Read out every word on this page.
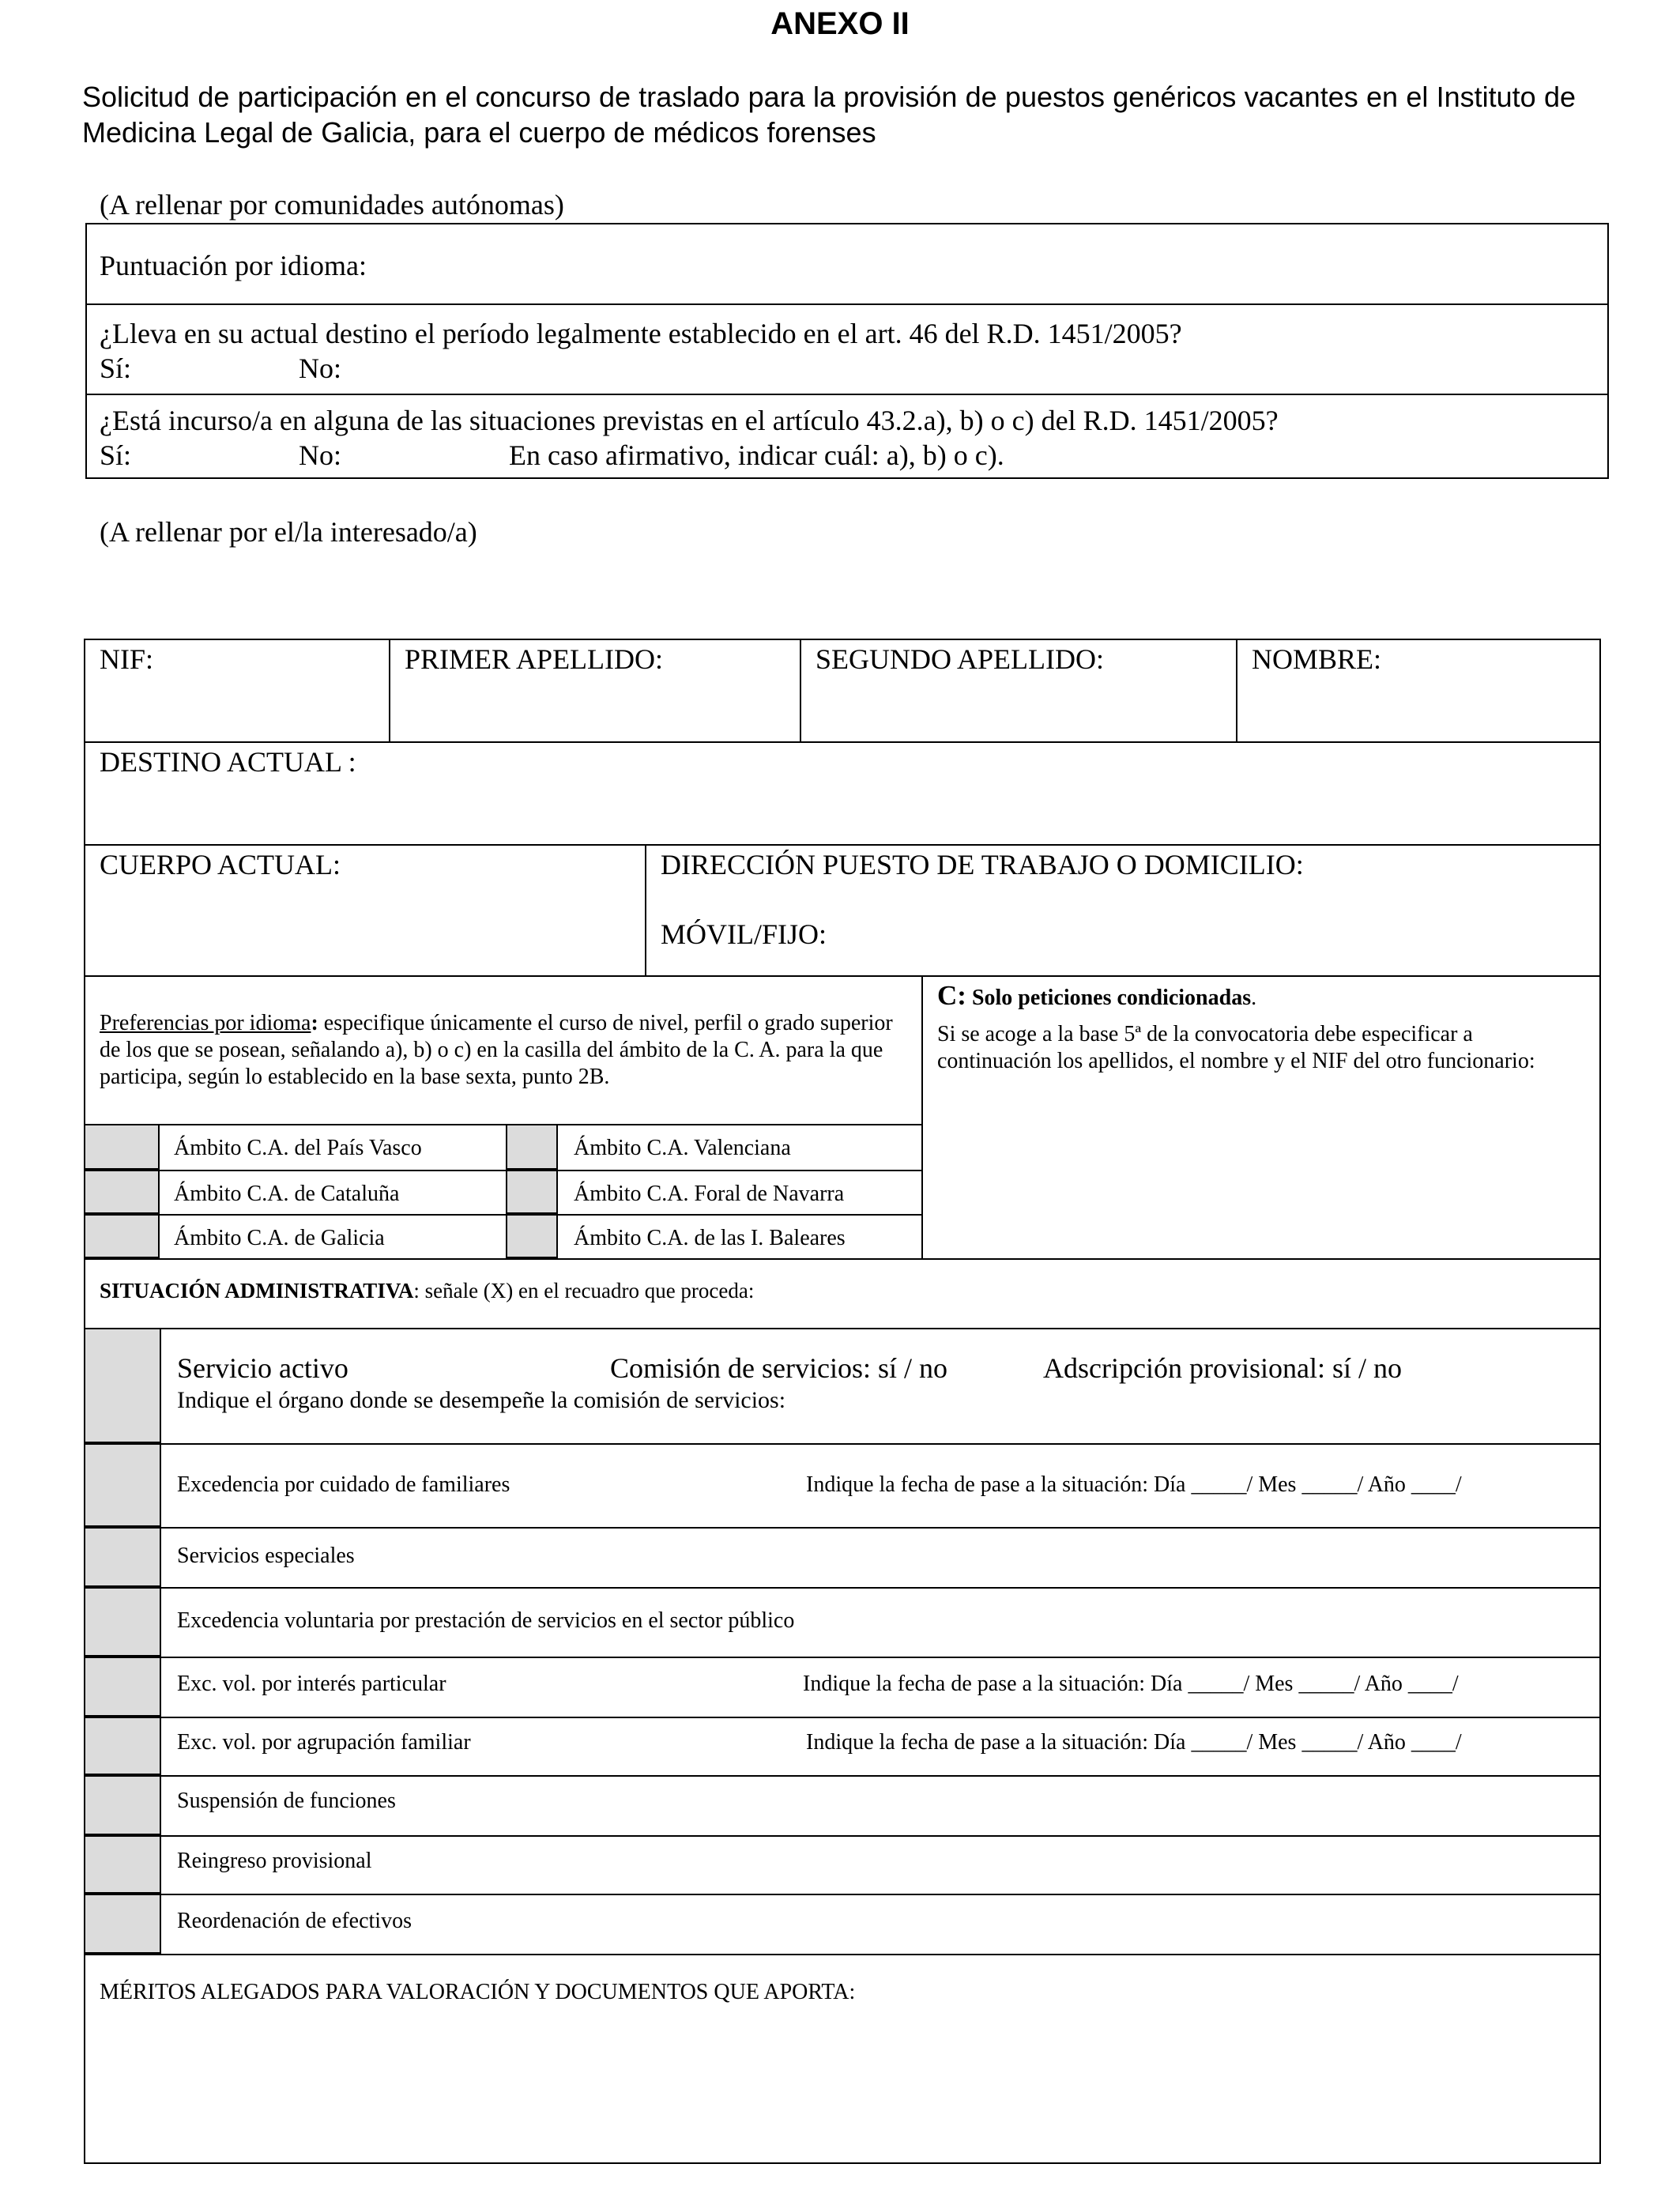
ANEXO II
Solicitud de participación en el concurso de traslado para la provisión de puestos genéricos vacantes en el Instituto de Medicina Legal de Galicia, para el cuerpo de médicos forenses
(A rellenar por comunidades autónomas)
Puntuación por idioma:
¿Lleva en su actual destino el período legalmente establecido en el art. 46 del R.D. 1451/2005?
Sí:	No:
¿Está incurso/a en alguna de las situaciones previstas en el artículo 43.2.a), b) o c) del R.D. 1451/2005?
Sí:	No:	En caso afirmativo, indicar cuál: a), b) o c).
(A rellenar por el/la interesado/a)
NIF:	PRIMER APELLIDO:	SEGUNDO APELLIDO:	NOMBRE:
DESTINO ACTUAL :
CUERPO ACTUAL:	DIRECCIÓN PUESTO DE TRABAJO O DOMICILIO:
MÓVIL/FIJO:
Preferencias por idioma: especifique únicamente el curso de nivel, perfil o grado superior de los que se posean, señalando a), b) o c) en la casilla del ámbito de la C. A. para la que participa, según lo establecido en la base sexta, punto 2B.
Ámbito C.A. del País Vasco
Ámbito C.A. de Cataluña
Ámbito C.A. de Galicia
Ámbito C.A. Valenciana
Ámbito C.A. Foral de Navarra
Ámbito C.A. de las I. Baleares
C: Solo peticiones condicionadas.
Si se acoge a la base 5ª de la convocatoria debe especificar a continuación los apellidos, el nombre y el NIF del otro funcionario:
SITUACIÓN ADMINISTRATIVA: señale (X) en el recuadro que proceda:
Servicio activo	Comisión de servicios: sí / no	Adscripción provisional: sí / no
Indique el órgano donde se desempeñe la comisión de servicios:
Excedencia por cuidado de familiares	Indique la fecha de pase a la situación: Día _____/ Mes _____/ Año ____/
Servicios especiales
Excedencia voluntaria por prestación de servicios en el sector público
Exc. vol. por interés particular	Indique la fecha de pase a la situación: Día _____/ Mes _____/ Año ____/
Exc. vol. por agrupación familiar	Indique la fecha de pase a la situación: Día _____/ Mes _____/ Año ____/
Suspensión de funciones
Reingreso provisional
Reordenación de efectivos
MÉRITOS ALEGADOS PARA VALORACIÓN Y DOCUMENTOS QUE APORTA:
